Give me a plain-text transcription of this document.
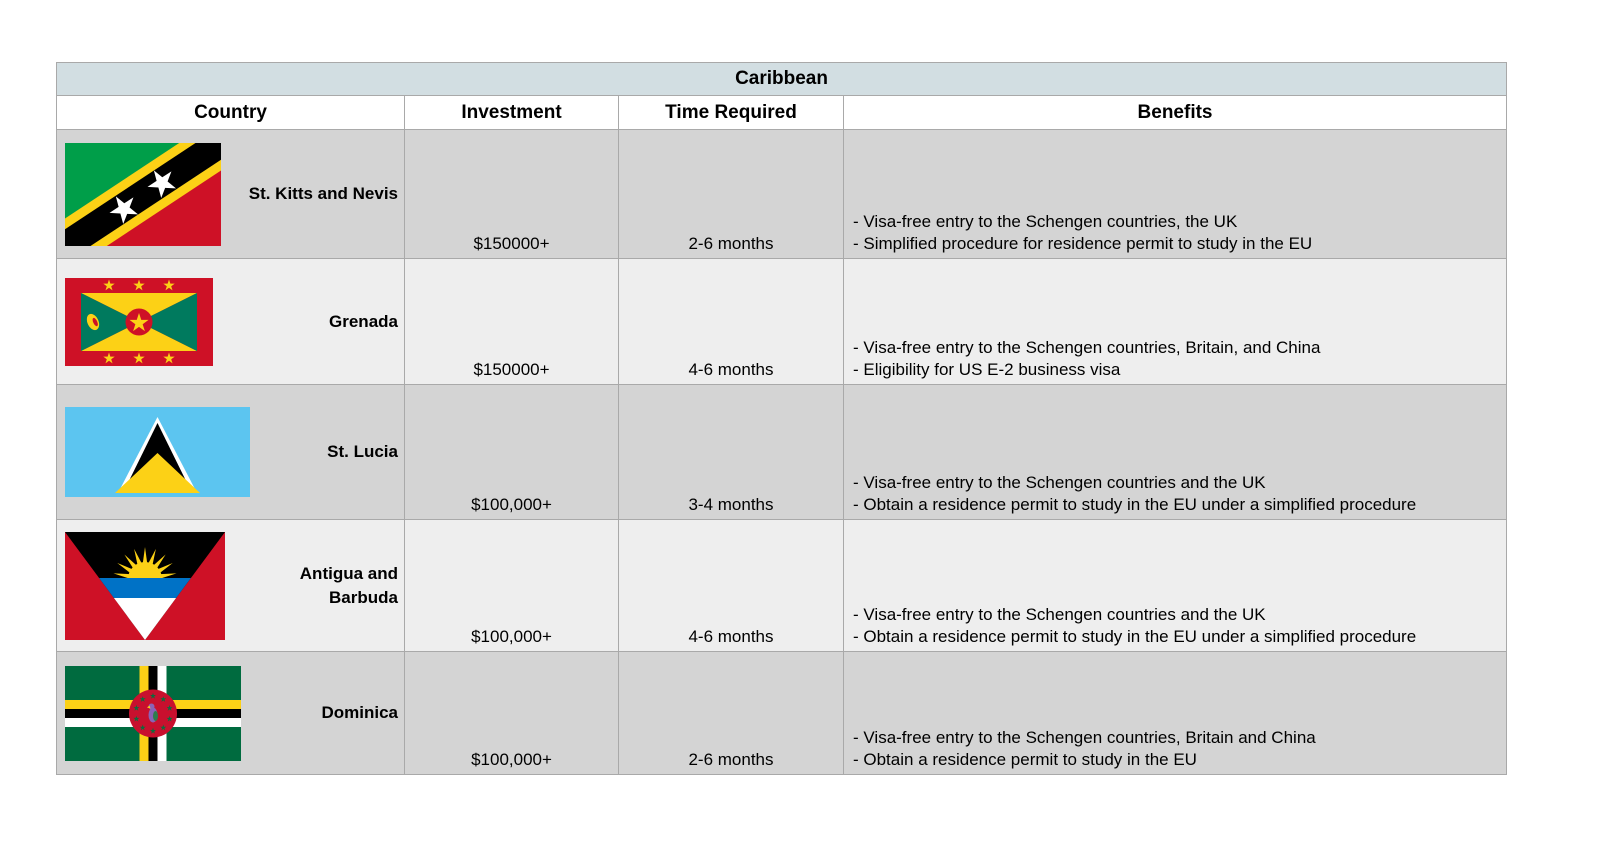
Caribbean			
Country	Investment	Time Required	Benefits

St. Kitts and Nevis	$150000+	2-6 months	- Visa-free entry to the Schengen countries, the UK
- Simplified procedure for residence permit to study in the EU

Grenada	$150000+	4-6 months	- Visa-free entry to the Schengen countries, Britain, and China
- Eligibility for US E-2 business visa

St. Lucia	$100,000+	3-4 months	- Visa-free entry to the Schengen countries and the UK
- Obtain a residence permit to study in the EU under a simplified procedure

Antigua and Barbuda	$100,000+	4-6 months	- Visa-free entry to the Schengen countries and the UK
- Obtain a residence permit to study in the EU under a simplified procedure

Dominica	$100,000+	2-6 months	- Visa-free entry to the Schengen countries, Britain and China
- Obtain a residence permit to study in the EU
